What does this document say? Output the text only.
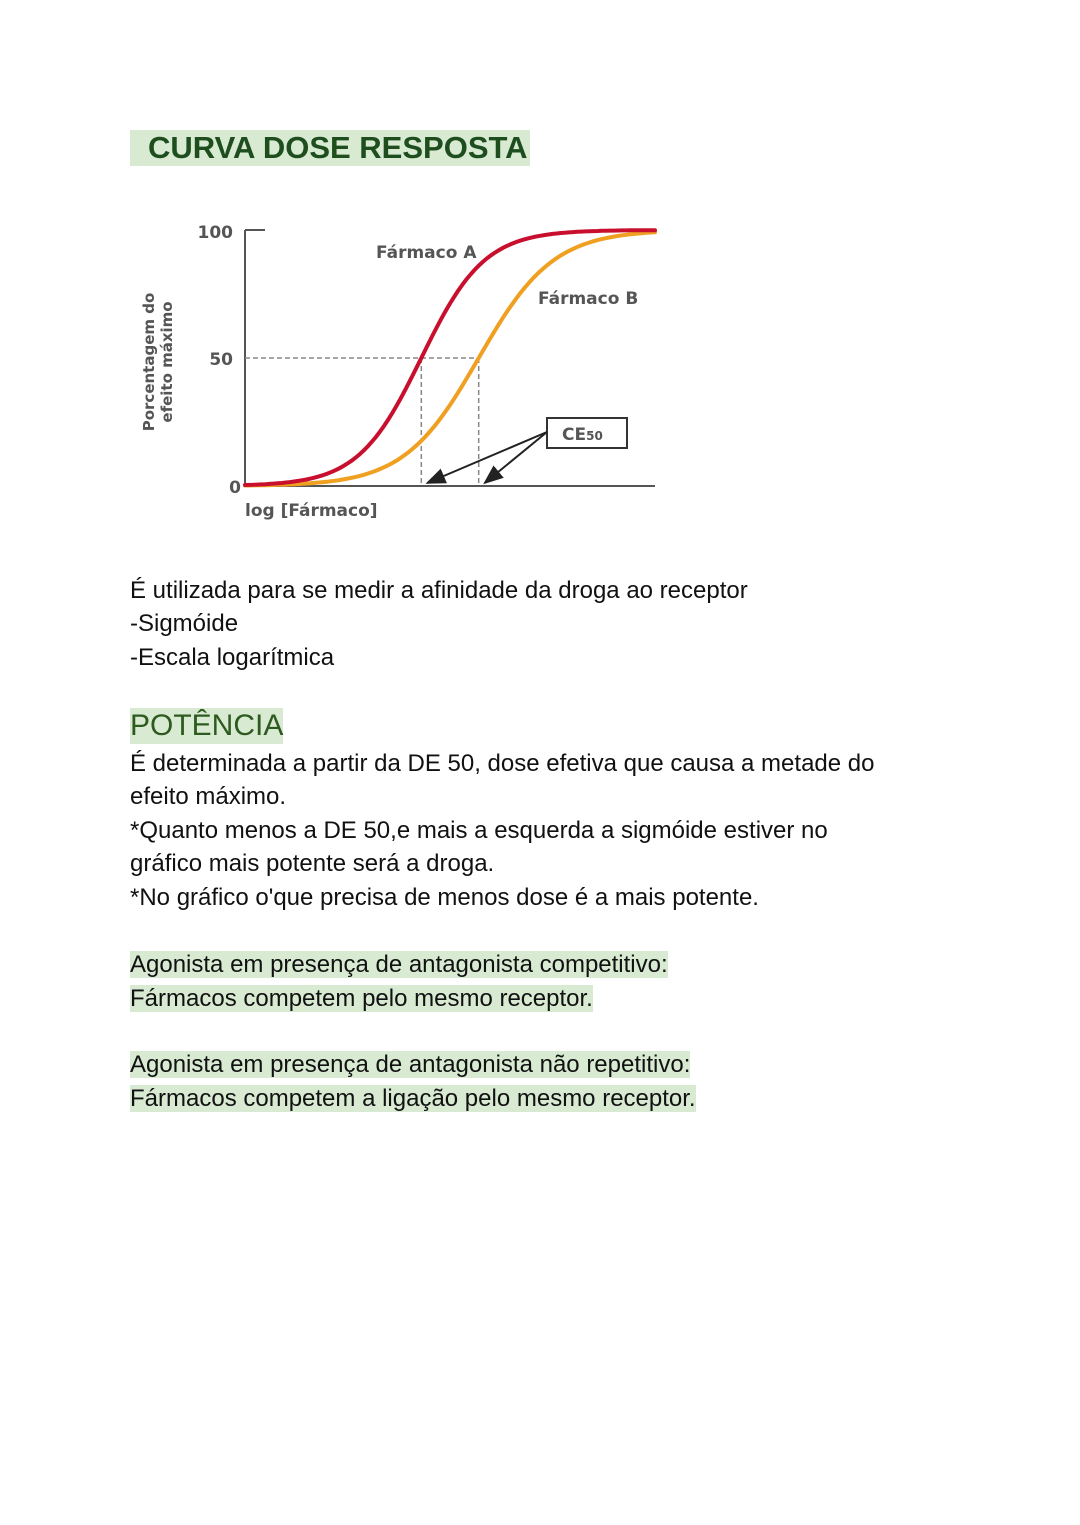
CURVA DOSE RESPOSTA
100
50
0
Porcentagem do efeito máximo
log [Fármaco]
Fármaco A
Fármaco B
CE50
É utilizada para se medir a afinidade da droga ao receptor
-Sigmóide
-Escala logarítmica
POTÊNCIA
É determinada a partir da DE 50, dose efetiva que causa a metade do
efeito máximo.
*Quanto menos a DE 50,e mais a esquerda a sigmóide estiver no
gráfico mais potente será a droga.
*No gráfico o'que precisa de menos dose é a mais potente.
Agonista em presença de antagonista competitivo:
Fármacos competem pelo mesmo receptor.
Agonista em presença de antagonista não repetitivo:
Fármacos competem a ligação pelo mesmo receptor.
